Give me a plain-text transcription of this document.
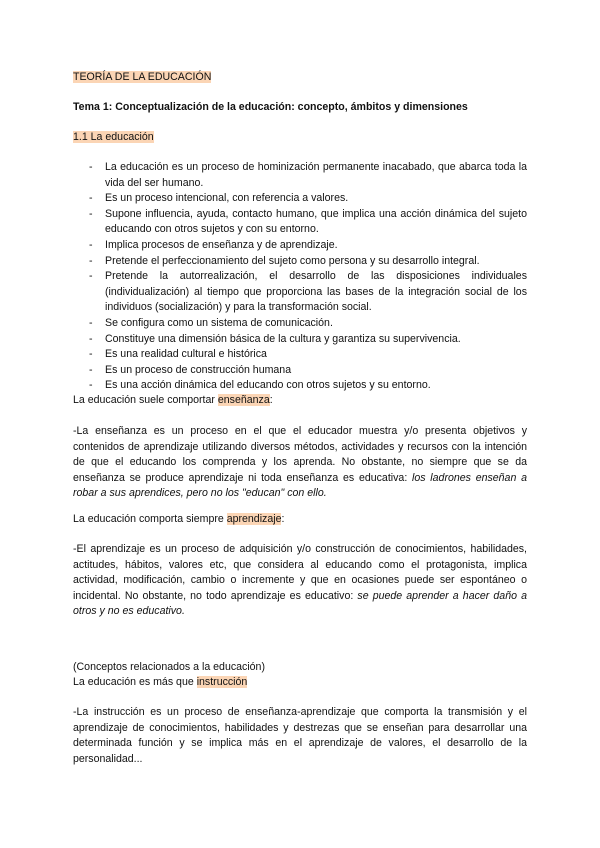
TEORÍA DE LA EDUCACIÓN
Tema 1: Conceptualización de la educación: concepto, ámbitos y dimensiones
1.1 La educación
- La educación es un proceso de hominización permanente inacabado, que abarca toda la vida del ser humano.
- Es un proceso intencional, con referencia a valores.
- Supone influencia, ayuda, contacto humano, que implica una acción dinámica del sujeto educando con otros sujetos y con su entorno.
- Implica procesos de enseñanza y de aprendizaje.
- Pretende el perfeccionamiento del sujeto como persona y su desarrollo integral.
- Pretende la autorrealización, el desarrollo de las disposiciones individuales (individualización) al tiempo que proporciona las bases de la integración social de los individuos (socialización) y para la transformación social.
- Se configura como un sistema de comunicación.
- Constituye una dimensión básica de la cultura y garantiza su supervivencia.
- Es una realidad cultural e histórica
- Es un proceso de construcción humana
- Es una acción dinámica del educando con otros sujetos y su entorno.
La educación suele comportar enseñanza:
-La enseñanza es un proceso en el que el educador muestra y/o presenta objetivos y contenidos de aprendizaje utilizando diversos métodos, actividades y recursos con la intención de que el educando los comprenda y los aprenda. No obstante, no siempre que se da enseñanza se produce aprendizaje ni toda enseñanza es educativa: los ladrones enseñan a robar a sus aprendices, pero no los "educan" con ello.
La educación comporta siempre aprendizaje:
-El aprendizaje es un proceso de adquisición y/o construcción de conocimientos, habilidades, actitudes, hábitos, valores etc, que considera al educando como el protagonista, implica actividad, modificación, cambio o incremente y que en ocasiones puede ser espontáneo o incidental. No obstante, no todo aprendizaje es educativo: se puede aprender a hacer daño a otros y no es educativo.
(Conceptos relacionados a la educación)
La educación es más que instrucción
-La instrucción es un proceso de enseñanza-aprendizaje que comporta la transmisión y el aprendizaje de conocimientos, habilidades y destrezas que se enseñan para desarrollar una determinada función y se implica más en el aprendizaje de valores, el desarrollo de la personalidad...
